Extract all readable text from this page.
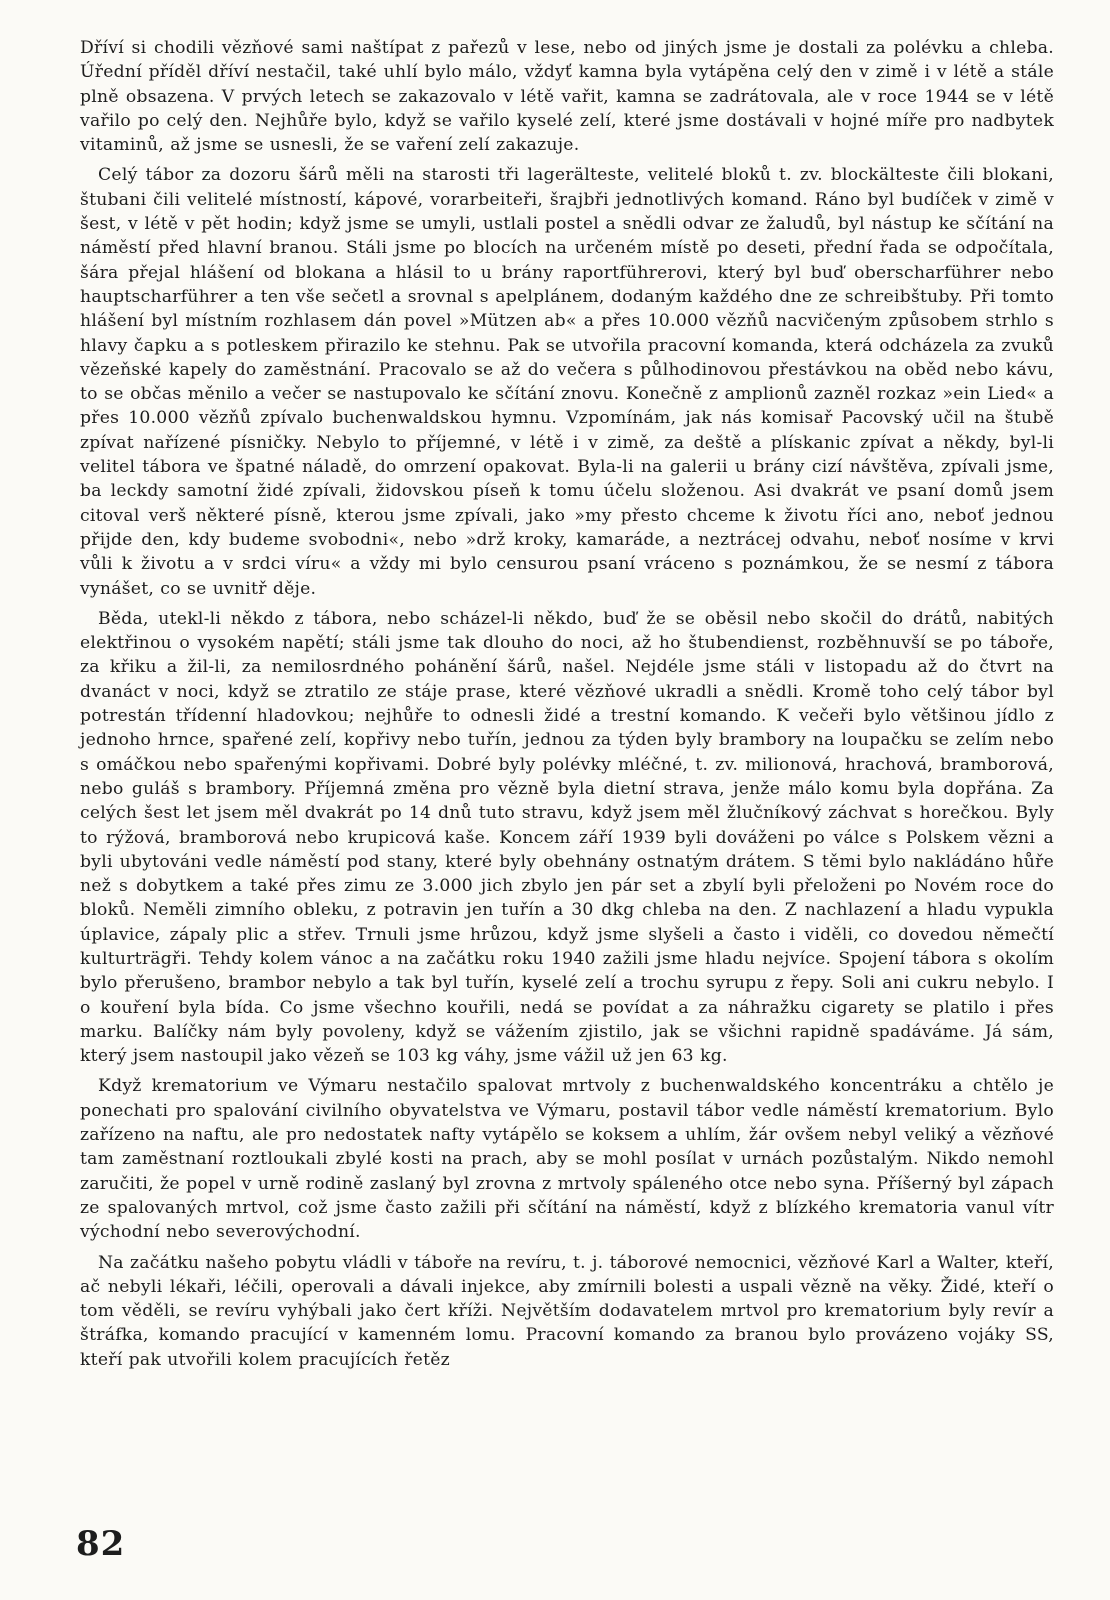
Dříví si chodili vězňové sami naštípat z pařezů v lese, nebo od jiných jsme je dostali za polévku a chleba. Úřední příděl dříví nestačil, také uhlí bylo málo, vždyť kamna byla vytápěna celý den v zimě i v létě a stále plně obsazena. V prvých letech se zakazovalo v létě vařit, kamna se zadrátovala, ale v roce 1944 se v létě vařilo po celý den. Nejhůře bylo, když se vařilo kyselé zelí, které jsme dostávali v hojné míře pro nadbytek vitaminů, až jsme se usnesli, že se vaření zelí zakazuje.

Celý tábor za dozoru šárů měli na starosti tři lagerälteste, velitelé bloků t. zv. blockälteste čili blokani, štubani čili velitelé místností, kápové, vorarbeiteři, šrajbři jednotlivých komand. Ráno byl budíček v zimě v šest, v létě v pět hodin; když jsme se umyli, ustlali postel a snědli odvar ze žaludů, byl nástup ke sčítání na náměstí před hlavní branou. Stáli jsme po blocích na určeném místě po deseti, přední řada se odpočítala, šára přejal hlášení od blokana a hlásil to u brány raportführerovi, který byl buď oberscharführer nebo hauptscharführer a ten vše sečetl a srovnal s apelplánem, dodaným každého dne ze schreibštuby. Při tomto hlášení byl místním rozhlasem dán povel »Mützen ab« a přes 10.000 vězňů nacvičeným způsobem strhlo s hlavy čapku a s potleskem přirazilo ke stehnu. Pak se utvořila pracovní komanda, která odcházela za zvuků vězeňské kapely do zaměstnání. Pracovalo se až do večera s půlhodinovou přestávkou na oběd nebo kávu, to se občas měnilo a večer se nastupovalo ke sčítání znovu. Konečně z amplionů zazněl rozkaz »ein Lied« a přes 10.000 vězňů zpívalo buchenwaldskou hymnu. Vzpomínám, jak nás komisař Pacovský učil na štubě zpívat nařízené písničky. Nebylo to příjemné, v létě i v zimě, za deště a plískanic zpívat a někdy, byl-li velitel tábora ve špatné náladě, do omrzení opakovat. Byla-li na galerii u brány cizí návštěva, zpívali jsme, ba leckdy samotní židé zpívali, židovskou píseň k tomu účelu složenou. Asi dvakrát ve psaní domů jsem citoval verš některé písně, kterou jsme zpívali, jako »my přesto chceme k životu říci ano, neboť jednou přijde den, kdy budeme svobodni«, nebo »drž kroky, kamaráde, a neztrácej odvahu, neboť nosíme v krvi vůli k životu a v srdci víru« a vždy mi bylo censurou psaní vráceno s poznámkou, že se nesmí z tábora vynášet, co se uvnitř děje.

Běda, utekl-li někdo z tábora, nebo scházel-li někdo, buď že se oběsil nebo skočil do drátů, nabitých elektřinou o vysokém napětí; stáli jsme tak dlouho do noci, až ho štubendienst, rozběhnuvší se po táboře, za křiku a žil-li, za nemilosrdného pohánění šárů, našel. Nejdéle jsme stáli v listopadu až do čtvrt na dvanáct v noci, když se ztratilo ze stáje prase, které vězňové ukradli a snědli. Kromě toho celý tábor byl potrestán třídenní hladovkou; nejhůře to odnesli židé a trestní komando. K večeři bylo většinou jídlo z jednoho hrnce, spařené zelí, kopřivy nebo tuřín, jednou za týden byly brambory na loupačku se zelím nebo s omáčkou nebo spařenými kopřivami. Dobré byly polévky mléčné, t. zv. milionová, hrachová, bramborová, nebo guláš s brambory. Příjemná změna pro vězně byla dietní strava, jenže málo komu byla dopřána. Za celých šest let jsem měl dvakrát po 14 dnů tuto stravu, když jsem měl žlučníkový záchvat s horečkou. Byly to rýžová, bramborová nebo krupicová kaše. Koncem září 1939 byli dováženi po válce s Polskem vězni a byli ubytováni vedle náměstí pod stany, které byly obehnány ostnatým drátem. S těmi bylo nakládáno hůře než s dobytkem a také přes zimu ze 3.000 jich zbylo jen pár set a zbylí byli přeloženi po Novém roce do bloků. Neměli zimního obleku, z potravin jen tuřín a 30 dkg chleba na den. Z nachlazení a hladu vypukla úplavice, zápaly plic a střev. Trnuli jsme hrůzou, když jsme slyšeli a často i viděli, co dovedou němečtí kulturträgři. Tehdy kolem vánoc a na začátku roku 1940 zažili jsme hladu nejvíce. Spojení tábora s okolím bylo přerušeno, brambor nebylo a tak byl tuřín, kyselé zelí a trochu syrupu z řepy. Soli ani cukru nebylo. I o kouření byla bída. Co jsme všechno kouřili, nedá se povídat a za náhražku cigarety se platilo i přes marku. Balíčky nám byly povoleny, když se vážením zjistilo, jak se všichni rapidně spadáváme. Já sám, který jsem nastoupil jako vězeň se 103 kg váhy, jsme vážil už jen 63 kg.

Když krematorium ve Výmaru nestačilo spalovat mrtvoly z buchenwaldského koncentráku a chtělo je ponechati pro spalování civilního obyvatelstva ve Výmaru, postavil tábor vedle náměstí krematorium. Bylo zařízeno na naftu, ale pro nedostatek nafty vytápělo se koksem a uhlím, žár ovšem nebyl veliký a vězňové tam zaměstnaní roztloukali zbylé kosti na prach, aby se mohl posílat v urnách pozůstalým. Nikdo nemohl zaručiti, že popel v urně rodině zaslaný byl zrovna z mrtvoly spáleného otce nebo syna. Příšerný byl zápach ze spalovaných mrtvol, což jsme často zažili při sčítání na náměstí, když z blízkého krematoria vanul vítr východní nebo severovýchodní.

Na začátku našeho pobytu vládli v táboře na revíru, t. j. táborové nemocnici, vězňové Karl a Walter, kteří, ač nebyli lékaři, léčili, operovali a dávali injekce, aby zmírnili bolesti a uspali vězně na věky. Židé, kteří o tom věděli, se revíru vyhýbali jako čert kříži. Největším dodavatelem mrtvol pro krematorium byly revír a štráfka, komando pracující v kamenném lomu. Pracovní komando za branou bylo provázeno vojáky SS, kteří pak utvořili kolem pracujících řetěz

82
